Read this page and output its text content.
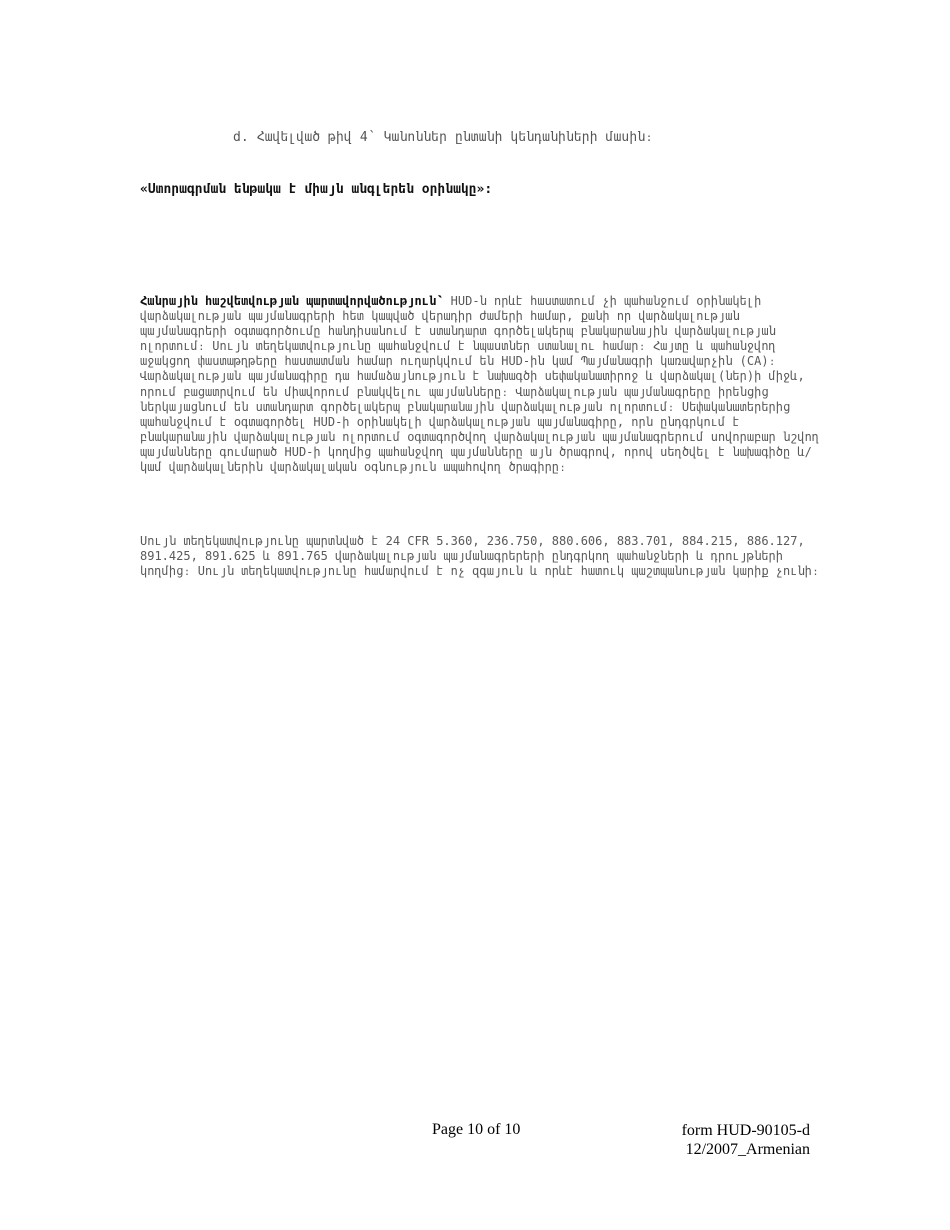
d. Հավելված թիվ 4՝ Կանոններ ընտանի կենդանիների մասին։
«Ստորագրման ենթակա է միայն անգլերեն օրինակը»։

Հանրային հաշվետվության պարտավորվածություն՝ HUD-ն որևէ հաստատում չի պահանջում օրինակելի վարձակալության պայմանագրերի հետ կապված վերադիր ժամերի համար, քանի որ վարձակալության պայմանագրերի օգտագործումը հանդիսանում է ստանդարտ գործելակերպ բնակարանային վարձակալության ոլորտում։ Սույն տեղեկատվությունը պահանջվում է նպաստներ ստանալու համար։ Հայտը և պահանջվող աջակցող փաստաթղթերը հաստատման համար ուղարկվում են HUD-ին կամ Պայմանագրի կառավարչին (CA)։ Վարձակալության պայմանագիրը դա համաձայնություն է նախագծի սեփականատիրոջ և վարձակալ(ներ)ի միջև, որում բացատրվում են միավորում բնակվելու պայմանները։ Վարձակալության պայմանագրերը իրենցից ներկայացնում են ստանդարտ գործելակերպ բնակարանային վարձակալության ոլորտում։ Սեփականատերերից պահանջվում է օգտագործել HUD-ի օրինակելի վարձակալության պայմանագիրը, որն ընդգրկում է բնակարանային վարձակալության ոլորտում օգտագործվող վարձակալության պայմանագրերում սովորաբար նշվող պայմանները գումարած HUD-ի կողմից պահանջվող պայմանները այն ծրագրով, որով սեղծվել է նախագիծը և/կամ վարձակալներին վարձակալական օգնություն ապահովող ծրագիրը։

Սույն տեղեկատվությունը պարտնված է 24 CFR 5.360, 236.750, 880.606, 883.701, 884.215, 886.127, 891.425, 891.625 և 891.765 վարձակալության պայմանագրերերի ընդգրկող պահանջների և դրույթների կողմից։ Սույն տեղեկատվությունը համարվում է ոչ զգայուն և որևէ հատուկ պաշտպանության կարիք չունի։

Page 10 of 10	form HUD-90105-d
12/2007_Armenian
